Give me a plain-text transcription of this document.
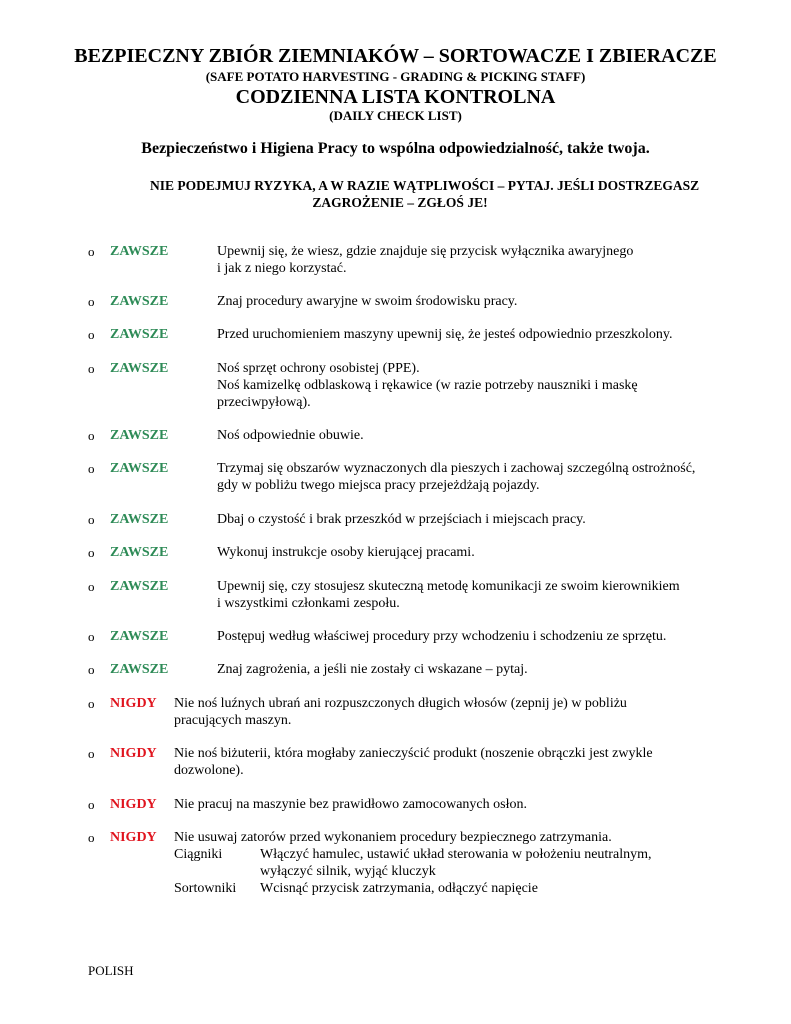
BEZPIECZNY ZBIÓR ZIEMNIAKÓW – SORTOWACZE I ZBIERACZE
(SAFE POTATO HARVESTING - GRADING & PICKING STAFF)
CODZIENNA LISTA KONTROLNA
(DAILY CHECK LIST)
Bezpieczeństwo i Higiena Pracy to wspólna odpowiedzialność, także twoja.
NIE PODEJMUJ RYZYKA, A W RAZIE WĄTPLIWOŚCI – PYTAJ. JEŚLI DOSTRZEGASZ
ZAGROŻENIE – ZGŁOŚ JE!
o ZAWSZE	Upewnij się, że wiesz, gdzie znajduje się przycisk wyłącznika awaryjnego
i jak z niego korzystać.
o ZAWSZE	Znaj procedury awaryjne w swoim środowisku pracy.
o ZAWSZE	Przed uruchomieniem maszyny upewnij się, że jesteś odpowiednio przeszkolony.
o ZAWSZE	Noś sprzęt ochrony osobistej (PPE).
Noś kamizelkę odblaskową i rękawice (w razie potrzeby nauszniki i maskę
przeciwpyłową).
o ZAWSZE	Noś odpowiednie obuwie.
o ZAWSZE	Trzymaj się obszarów wyznaczonych dla pieszych i zachowaj szczególną ostrożność,
gdy w pobliżu twego miejsca pracy przejeżdżają pojazdy.
o ZAWSZE	Dbaj o czystość i brak przeszkód w przejściach i miejscach pracy.
o ZAWSZE	Wykonuj instrukcje osoby kierującej pracami.
o ZAWSZE	Upewnij się, czy stosujesz skuteczną metodę komunikacji ze swoim kierownikiem
i wszystkimi członkami zespołu.
o ZAWSZE	Postępuj według właściwej procedury przy wchodzeniu i schodzeniu ze sprzętu.
o ZAWSZE	Znaj zagrożenia, a jeśli nie zostały ci wskazane – pytaj.
o NIGDY Nie noś luźnych ubrań ani rozpuszczonych długich włosów (zepnij je) w pobliżu
pracujących maszyn.
o NIGDY Nie noś biżuterii, która mogłaby zanieczyścić produkt (noszenie obrączki jest zwykle
dozwolone).
o NIGDY Nie pracuj na maszynie bez prawidłowo zamocowanych osłon.
o NIGDY Nie usuwaj zatorów przed wykonaniem procedury bezpiecznego zatrzymania.
Ciągniki	Włączyć hamulec, ustawić układ sterowania w położeniu neutralnym,
wyłączyć silnik, wyjąć kluczyk
Sortowniki Wcisnąć przycisk zatrzymania, odłączyć napięcie
POLISH
